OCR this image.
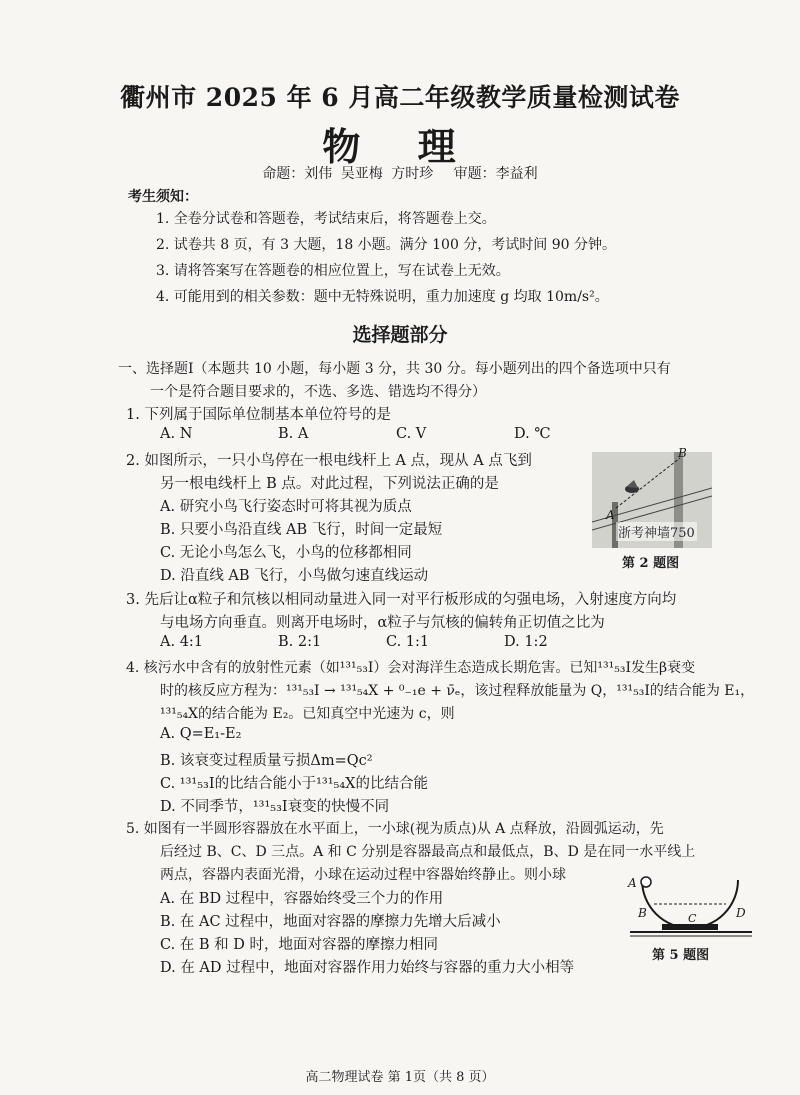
衢州市 2025 年 6 月高二年级教学质量检测试卷
物 理
命题：刘伟 吴亚梅 方时珍 审题：李益利
考生须知：
1. 全卷分试卷和答题卷，考试结束后，将答题卷上交。
2. 试卷共 8 页，有 3 大题，18 小题。满分 100 分，考试时间 90 分钟。
3. 请将答案写在答题卷的相应位置上，写在试卷上无效。
4. 可能用到的相关参数：题中无特殊说明，重力加速度 g 均取 10m/s²。
选择题部分
一、选择题Ⅰ（本题共 10 小题，每小题 3 分，共 30 分。每小题列出的四个备选项中只有
一个是符合题目要求的，不选、多选、错选均不得分）
1. 下列属于国际单位制基本单位符号的是
A. N	B. A	C. V	D. ℃
2. 如图所示，一只小鸟停在一根电线杆上 A 点，现从 A 点飞到
另一根电线杆上 B 点。对此过程，下列说法正确的是
A. 研究小鸟飞行姿态时可将其视为质点
B. 只要小鸟沿直线 AB 飞行，时间一定最短
C. 无论小鸟怎么飞，小鸟的位移都相同
D. 沿直线 AB 飞行，小鸟做匀速直线运动
B
A
浙考神墙750
第 2 题图
3. 先后让α粒子和氘核以相同动量进入同一对平行板形成的匀强电场，入射速度方向均
与电场方向垂直。则离开电场时，α粒子与氘核的偏转角正切值之比为
A. 4:1	B. 2:1	C. 1:1	D. 1:2
4. 核污水中含有的放射性元素（如¹³¹₅₃I）会对海洋生态造成长期危害。已知¹³¹₅₃I发生β衰变
时的核反应方程为：¹³¹₅₃I → ¹³¹₅₄X + ⁰₋₁e + ν̄ₑ，该过程释放能量为 Q，¹³¹₅₃I的结合能为 E₁，
¹³¹₅₄X的结合能为 E₂。已知真空中光速为 c，则
A. Q=E₁-E₂
B. 该衰变过程质量亏损Δm=Qc²
C. ¹³¹₅₃I的比结合能小于¹³¹₅₄X的比结合能
D. 不同季节，¹³¹₅₃I衰变的快慢不同
5. 如图有一半圆形容器放在水平面上，一小球(视为质点)从 A 点释放，沿圆弧运动，先
后经过 B、C、D 三点。A 和 C 分别是容器最高点和最低点，B、D 是在同一水平线上
两点，容器内表面光滑，小球在运动过程中容器始终静止。则小球
A. 在 BD 过程中，容器始终受三个力的作用
B. 在 AC 过程中，地面对容器的摩擦力先增大后减小
C. 在 B 和 D 时，地面对容器的摩擦力相同
D. 在 AD 过程中，地面对容器作用力始终与容器的重力大小相等
A
B	C	D
第 5 题图
高二物理试卷 第 1页（共 8 页）
